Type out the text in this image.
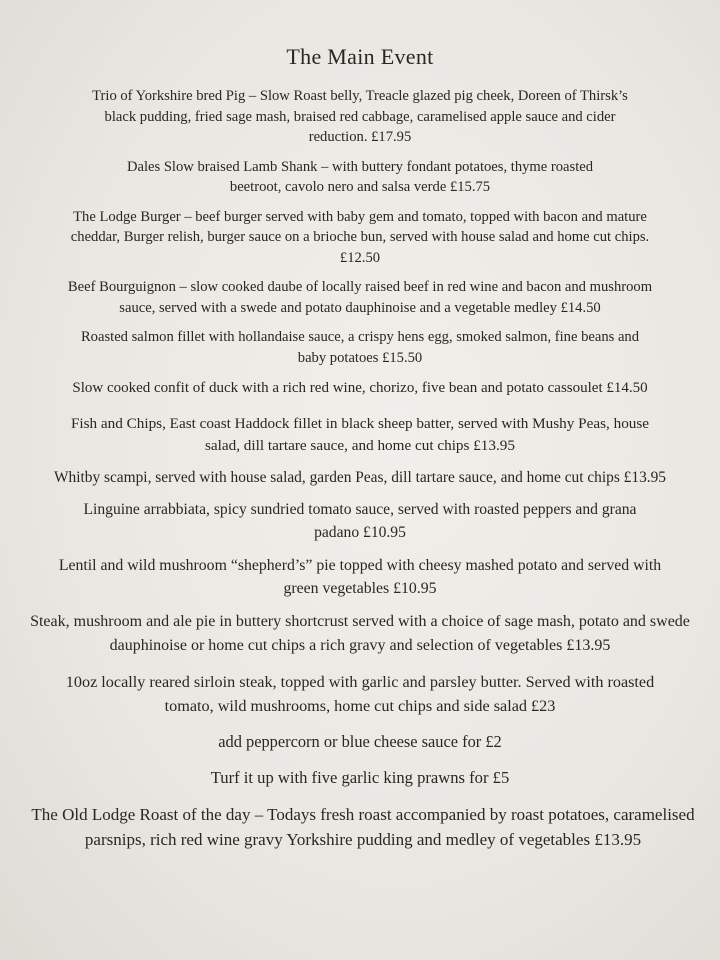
The Main Event
Trio of Yorkshire bred Pig – Slow Roast belly, Treacle glazed pig cheek, Doreen of Thirsk’s black pudding, fried sage mash, braised red cabbage, caramelised apple sauce and cider reduction. £17.95
Dales Slow braised Lamb Shank – with buttery fondant potatoes, thyme roasted beetroot, cavolo nero and salsa verde £15.75
The Lodge Burger – beef burger served with baby gem and tomato, topped with bacon and mature cheddar, Burger relish, burger sauce on a brioche bun, served with house salad and home cut chips. £12.50
Beef Bourguignon – slow cooked daube of locally raised beef in red wine and bacon and mushroom sauce, served with a swede and potato dauphinoise and a vegetable medley £14.50
Roasted salmon fillet with hollandaise sauce, a crispy hens egg, smoked salmon, fine beans and baby potatoes £15.50
Slow cooked confit of duck with a rich red wine, chorizo, five bean and potato cassoulet £14.50
Fish and Chips, East coast Haddock fillet in black sheep batter, served with Mushy Peas, house salad, dill tartare sauce, and home cut chips £13.95
Whitby scampi, served with house salad, garden Peas, dill tartare sauce, and home cut chips £13.95
Linguine arrabbiata, spicy sundried tomato sauce, served with roasted peppers and grana padano £10.95
Lentil and wild mushroom “shepherd’s” pie topped with cheesy mashed potato and served with green vegetables £10.95
Steak, mushroom and ale pie in buttery shortcrust served with a choice of sage mash, potato and swede dauphinoise or home cut chips a rich gravy and selection of vegetables £13.95
10oz locally reared sirloin steak, topped with garlic and parsley butter. Served with roasted tomato, wild mushrooms, home cut chips and side salad £23
add peppercorn or blue cheese sauce for £2
Turf it up with five garlic king prawns for £5
The Old Lodge Roast of the day – Todays fresh roast accompanied by roast potatoes, caramelised parsnips, rich red wine gravy Yorkshire pudding and medley of vegetables £13.95
